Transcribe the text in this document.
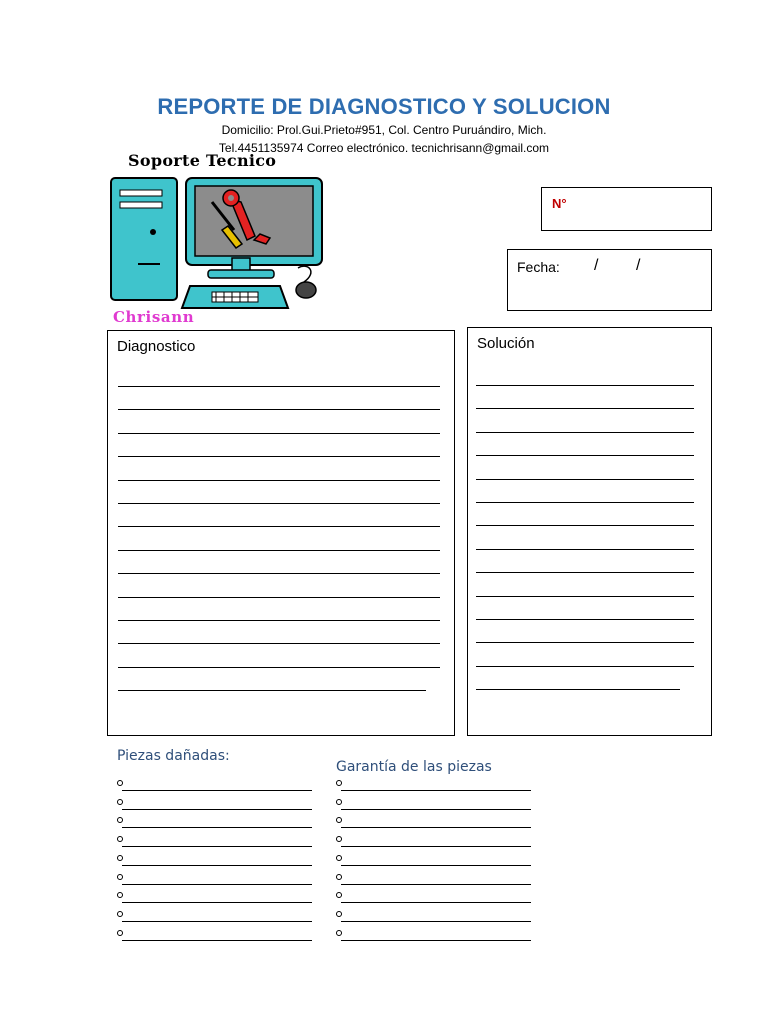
REPORTE DE DIAGNOSTICO Y SOLUCION
Domicilio: Prol.Gui.Prieto#951, Col. Centro Puruándiro, Mich.
Tel.4451135974 Correo electrónico. tecnichrisann@gmail.com
Soporte Tecnico
Chrisann
N°
Fecha: / /
Diagnostico	Solución
Piezas dañadas:
Garantía de las piezas
